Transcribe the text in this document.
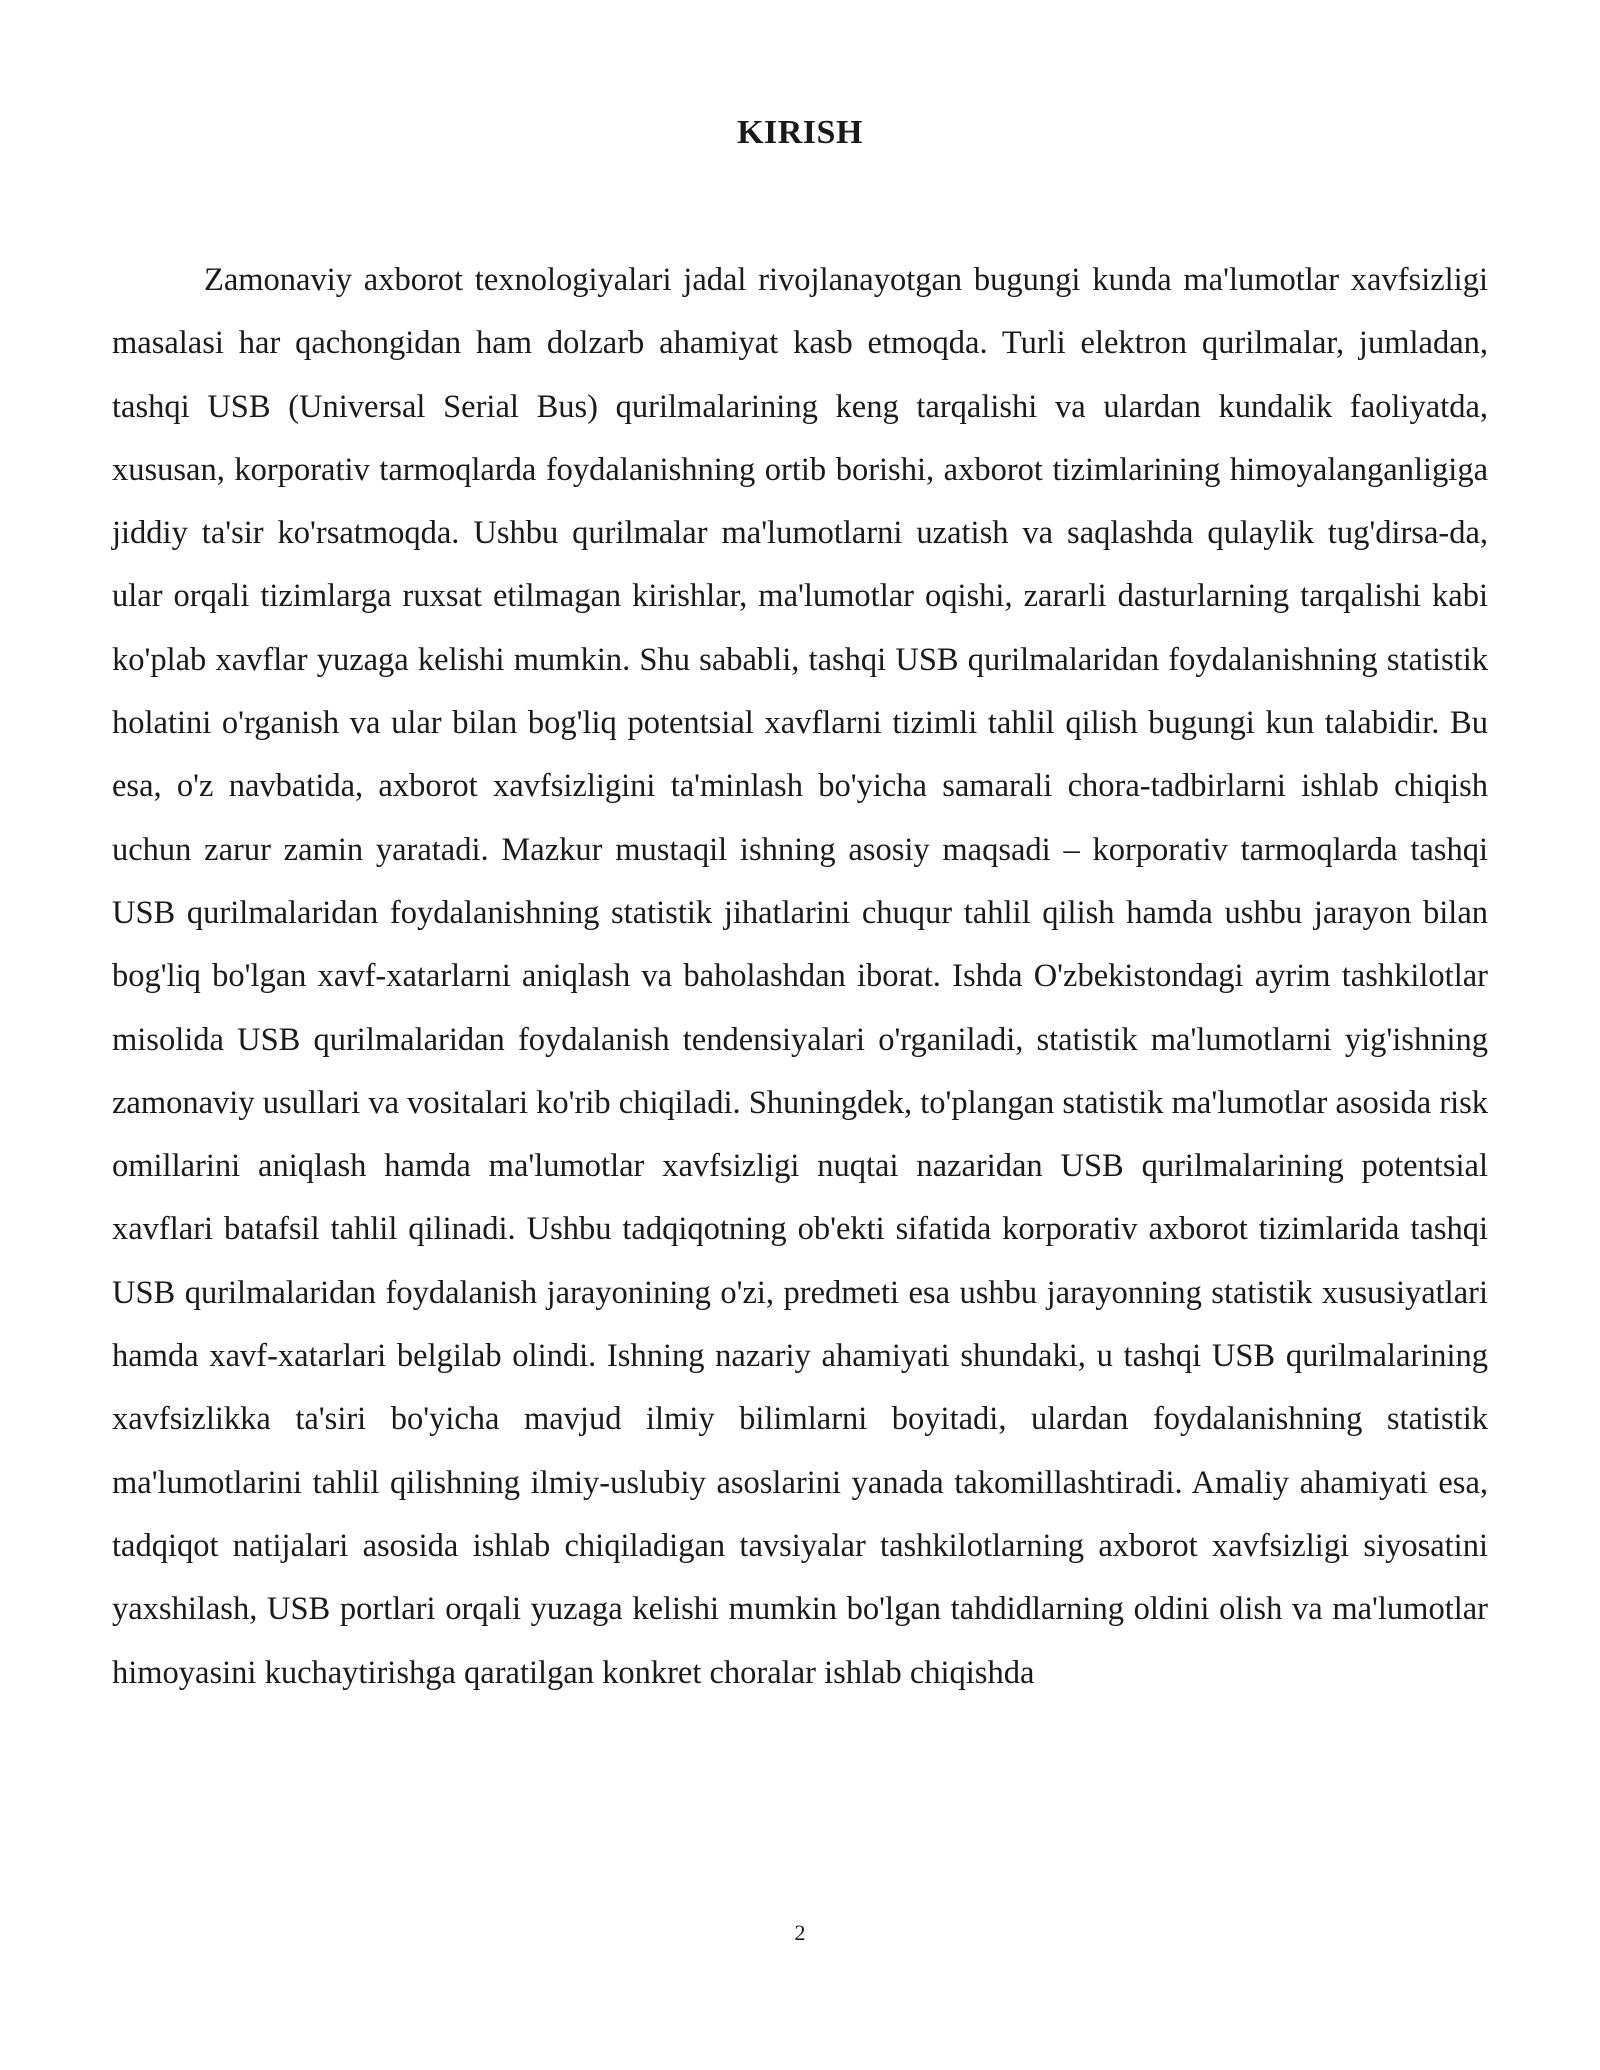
KIRISH

Zamonaviy axborot texnologiyalari jadal rivojlanayotgan bugungi kunda ma'lumotlar xavfsizligi masalasi har qachongidan ham dolzarb ahamiyat kasb etmoqda. Turli elektron qurilmalar, jumladan, tashqi USB (Universal Serial Bus) qurilmalarining keng tarqalishi va ulardan kundalik faoliyatda, xususan, korporativ tarmoqlarda foydalanishning ortib borishi, axborot tizimlarining himoyalanganligiga jiddiy ta'sir ko'rsatmoqda. Ushbu qurilmalar ma'lumotlarni uzatish va saqlashda qulaylik tug'dirsa-da, ular orqali tizimlarga ruxsat etilmagan kirishlar, ma'lumotlar oqishi, zararli dasturlarning tarqalishi kabi ko'plab xavflar yuzaga kelishi mumkin. Shu sababli, tashqi USB qurilmalaridan foydalanishning statistik holatini o'rganish va ular bilan bog'liq potentsial xavflarni tizimli tahlil qilish bugungi kun talabidir. Bu esa, o'z navbatida, axborot xavfsizligini ta'minlash bo'yicha samarali chora-tadbirlarni ishlab chiqish uchun zarur zamin yaratadi. Mazkur mustaqil ishning asosiy maqsadi – korporativ tarmoqlarda tashqi USB qurilmalaridan foydalanishning statistik jihatlarini chuqur tahlil qilish hamda ushbu jarayon bilan bog'liq bo'lgan xavf-xatarlarni aniqlash va baholashdan iborat. Ishda O'zbekistondagi ayrim tashkilotlar misolida USB qurilmalaridan foydalanish tendensiyalari o'rganiladi, statistik ma'lumotlarni yig'ishning zamonaviy usullari va vositalari ko'rib chiqiladi. Shuningdek, to'plangan statistik ma'lumotlar asosida risk omillarini aniqlash hamda ma'lumotlar xavfsizligi nuqtai nazaridan USB qurilmalarining potentsial xavflari batafsil tahlil qilinadi. Ushbu tadqiqotning ob'ekti sifatida korporativ axborot tizimlarida tashqi USB qurilmalaridan foydalanish jarayonining o'zi, predmeti esa ushbu jarayonning statistik xususiyatlari hamda xavf-xatarlari belgilab olindi. Ishning nazariy ahamiyati shundaki, u tashqi USB qurilmalarining xavfsizlikka ta'siri bo'yicha mavjud ilmiy bilimlarni boyitadi, ulardan foydalanishning statistik ma'lumotlarini tahlil qilishning ilmiy-uslubiy asoslarini yanada takomillashtiradi. Amaliy ahamiyati esa, tadqiqot natijalari asosida ishlab chiqiladigan tavsiyalar tashkilotlarning axborot xavfsizligi siyosatini yaxshilash, USB portlari orqali yuzaga kelishi mumkin bo'lgan tahdidlarning oldini olish va ma'lumotlar himoyasini kuchaytirishga qaratilgan konkret choralar ishlab chiqishda

2
